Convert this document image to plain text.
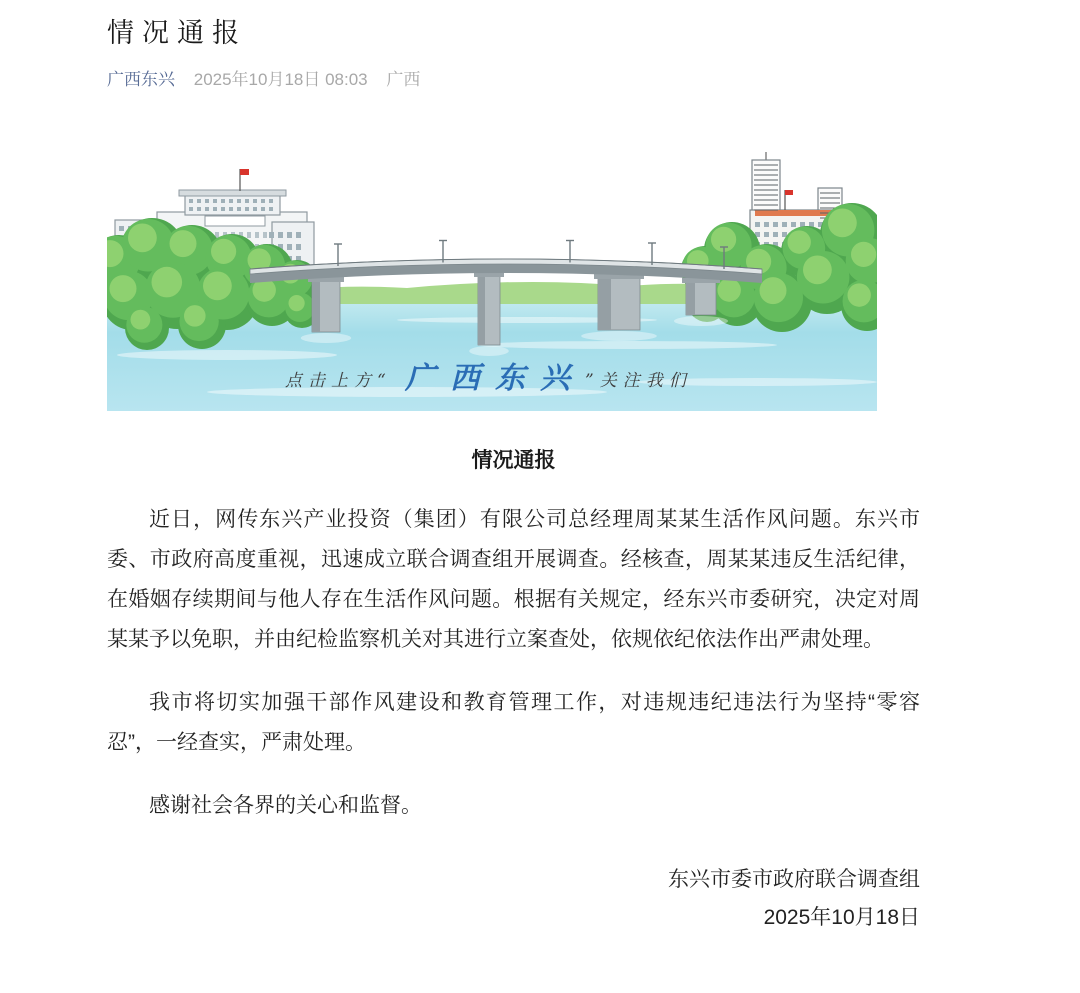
情况通报
广西东兴 2025年10月18日 08:03 广西
点击上方“ 广西东兴 ”关注我们
情况通报
近日，网传东兴产业投资（集团）有限公司总经理周某某生活作风问题。东兴市
委、市政府高度重视，迅速成立联合调查组开展调查。经核查，周某某违反生活纪律，
在婚姻存续期间与他人存在生活作风问题。根据有关规定，经东兴市委研究，决定对周
某某予以免职，并由纪检监察机关对其进行立案查处，依规依纪依法作出严肃处理。
我市将切实加强干部作风建设和教育管理工作，对违规违纪违法行为坚持“零容
忍”，一经查实，严肃处理。
感谢社会各界的关心和监督。
东兴市委市政府联合调查组
2025年10月18日
